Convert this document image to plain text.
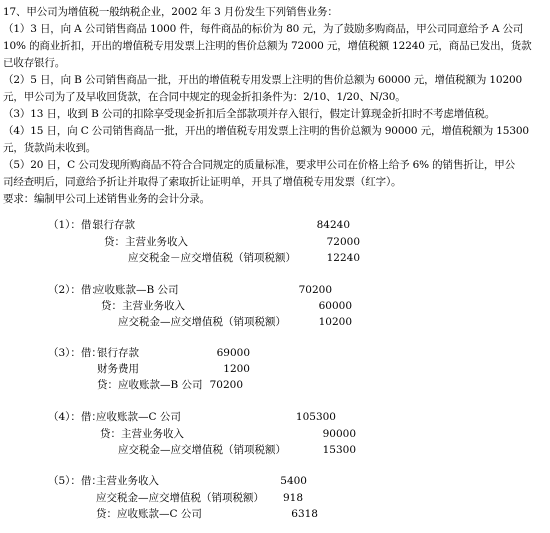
17、甲公司为增值税一般纳税企业，2002 年 3 月份发生下列销售业务：
（1）3 日，向 A 公司销售商品 1000 件，每件商品的标价为 80 元，为了鼓励多购商品，甲公司同意给予 A 公司
10% 的商业折扣，开出的增值税专用发票上注明的售价总额为 72000 元，增值税额 12240 元，商品已发出，货款
已收存银行。
（2）5 日，向 B 公司销售商品一批，开出的增值税专用发票上注明的售价总额为 60000 元，增值税额为 10200
元，甲公司为了及早收回货款，在合同中规定的现金折扣条件为：2/10、1/20、N/30。
（3）13 日，收到 B 公司的扣除享受现金折扣后全部款项并存入银行，假定计算现金折扣时不考虑增值税。
（4）15 日，向 C 公司销售商品一批，开出的增值税专用发票上注明的售价总额为 90000 元，增值税额为 15300
元，货款尚未收到。
（5）20 日，C 公司发现所购商品不符合合同规定的质量标准，要求甲公司在价格上给予 6% 的销售折让，甲公
司经查明后，同意给予折让并取得了索取折让证明单，开具了增值税专用发票（红字）。
要求：编制甲公司上述销售业务的会计分录。
（1）：借：
银行存款	84240
贷：主营业务收入	72000
应交税金－应交增值税（销项税额）	12240
（2）：借：
应收账款—B 公司	70200
贷：主营业务收入	60000
应交税金—应交增值税（销项税额）	10200
（3）：借：
银行存款	69000
财务费用	1200
贷：应收账款—B 公司 70200
（4）：借：
应收账款—C 公司	105300
贷：主营业务收入	90000
应交税金—应交增值税（销项税额）	15300
（5）：借：
主营业务收入	5400
应交税金—应交增值税（销项税额）	918
贷：应收账款—C 公司	6318
